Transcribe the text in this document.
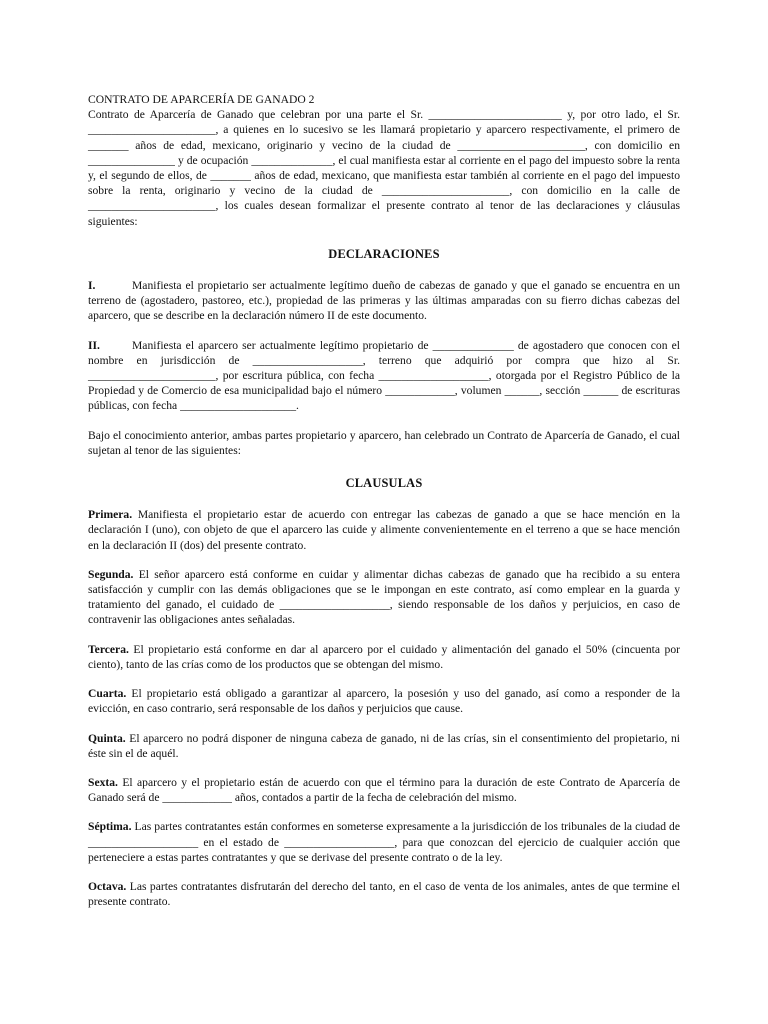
CONTRATO DE APARCERÍA DE GANADO 2

Contrato de Aparcería de Ganado que celebran por una parte el Sr. _______________________ y, por otro lado, el Sr. ______________________, a quienes en lo sucesivo se les llamará propietario y aparcero respectivamente, el primero de _______ años de edad, mexicano, originario y vecino de la ciudad de ______________________, con domicilio en _______________ y de ocupación ______________, el cual manifiesta estar al corriente en el pago del impuesto sobre la renta y, el segundo de ellos, de _______ años de edad, mexicano, que manifiesta estar también al corriente en el pago del impuesto sobre la renta, originario y vecino de la ciudad de ______________________, con domicilio en la calle de ______________________, los cuales desean formalizar el presente contrato al tenor de las declaraciones y cláusulas siguientes:

DECLARACIONES

I.	Manifiesta el propietario ser actualmente legítimo dueño de cabezas de ganado y que el ganado se encuentra en un terreno de (agostadero, pastoreo, etc.), propiedad de las primeras y las últimas amparadas con su fierro dichas cabezas del aparcero, que se describe en la declaración número II de este documento.

II.	Manifiesta el aparcero ser actualmente legítimo propietario de ______________ de agostadero que conocen con el nombre en jurisdicción de ___________________, terreno que adquirió por compra que hizo al Sr. ______________________, por escritura pública, con fecha ___________________, otorgada por el Registro Público de la Propiedad y de Comercio de esa municipalidad bajo el número ____________, volumen ______, sección ______ de escrituras públicas, con fecha ____________________.

Bajo el conocimiento anterior, ambas partes propietario y aparcero, han celebrado un Contrato de Aparcería de Ganado, el cual sujetan al tenor de las siguientes:

CLAUSULAS

Primera. Manifiesta el propietario estar de acuerdo con entregar las cabezas de ganado a que se hace mención en la declaración I (uno), con objeto de que el aparcero las cuide y alimente convenientemente en el terreno a que se hace mención en la declaración II (dos) del presente contrato.

Segunda. El señor aparcero está conforme en cuidar y alimentar dichas cabezas de ganado que ha recibido a su entera satisfacción y cumplir con las demás obligaciones que se le impongan en este contrato, así como emplear en la guarda y tratamiento del ganado, el cuidado de ___________________, siendo responsable de los daños y perjuicios, en caso de contravenir las obligaciones antes señaladas.

Tercera. El propietario está conforme en dar al aparcero por el cuidado y alimentación del ganado el 50% (cincuenta por ciento), tanto de las crías como de los productos que se obtengan del mismo.

Cuarta. El propietario está obligado a garantizar al aparcero, la posesión y uso del ganado, así como a responder de la evicción, en caso contrario, será responsable de los daños y perjuicios que cause.

Quinta. El aparcero no podrá disponer de ninguna cabeza de ganado, ni de las crías, sin el consentimiento del propietario, ni éste sin el de aquél.

Sexta. El aparcero y el propietario están de acuerdo con que el término para la duración de este Contrato de Aparcería de Ganado será de ____________ años, contados a partir de la fecha de celebración del mismo.

Séptima. Las partes contratantes están conformes en someterse expresamente a la jurisdicción de los tribunales de la ciudad de ___________________ en el estado de ___________________, para que conozcan del ejercicio de cualquier acción que perteneciere a estas partes contratantes y que se derivase del presente contrato o de la ley.

Octava. Las partes contratantes disfrutarán del derecho del tanto, en el caso de venta de los animales, antes de que termine el presente contrato.
